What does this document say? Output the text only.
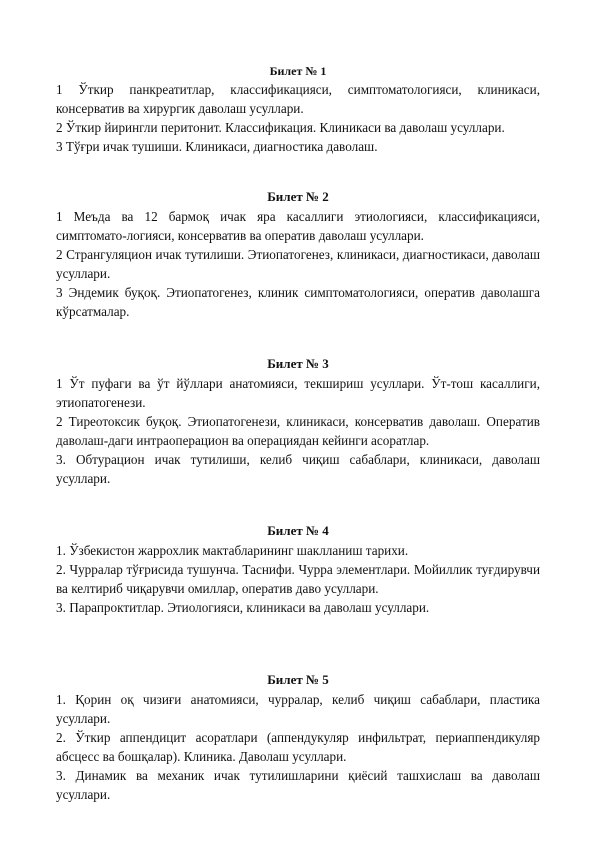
Билет № 1

1 Ўткир панкреатитлар, классификацияси, симптоматологияси, клиникаси, консерватив ва хирургик даволаш усуллари.

2 Ўткир йирингли перитонит. Классификация. Клиникаси ва даволаш усуллари.

3 Тўғри ичак тушиши. Клиникаси, диагностика даволаш.

Билет № 2

1 Меъда ва 12 бармоқ ичак яра касаллиги этиологияси, классификацияси, симптомато-логияси, консерватив ва оператив даволаш усуллари.

2 Странгуляцион ичак тутилиши. Этиопатогенез, клиникаси, диагностикаси, даволаш усуллари.

3 Эндемик буқоқ. Этиопатогенез, клиник симптоматологияси, оператив даволашга кўрсатмалар.

Билет № 3

1 Ўт пуфаги ва ўт йўллари анатомияси, текшириш усуллари. Ўт-тош касаллиги, этиопатогенези.

2 Тиреотоксик буқоқ. Этиопатогенези, клиникаси, консерватив даволаш. Оператив даволаш-даги интраоперацион ва операциядан кейинги асоратлар.

3. Обтурацион ичак тутилиши, келиб чиқиш сабаблари, клиникаси, даволаш усуллари.

Билет № 4

1. Ўзбекистон жаррохлик мактабларининг шаклланиш тарихи.

2. Чурралар тўғрисида тушунча. Таснифи. Чурра элементлари. Мойиллик туғдирувчи ва келтириб чиқарувчи омиллар, оператив даво усуллари.

3. Парапроктитлар. Этиологияси, клиникаси ва даволаш усуллари.

Билет № 5

1. Қорин оқ чизиғи анатомияси, чурралар, келиб чиқиш сабаблари, пластика усуллари.

2. Ўткир аппендицит асоратлари (аппендукуляр инфильтрат, периаппендикуляр абсцесс ва бошқалар). Клиника. Даволаш усуллари.

3. Динамик ва механик ичак тутилишларини қиёсий ташхислаш ва даволаш усуллари.
